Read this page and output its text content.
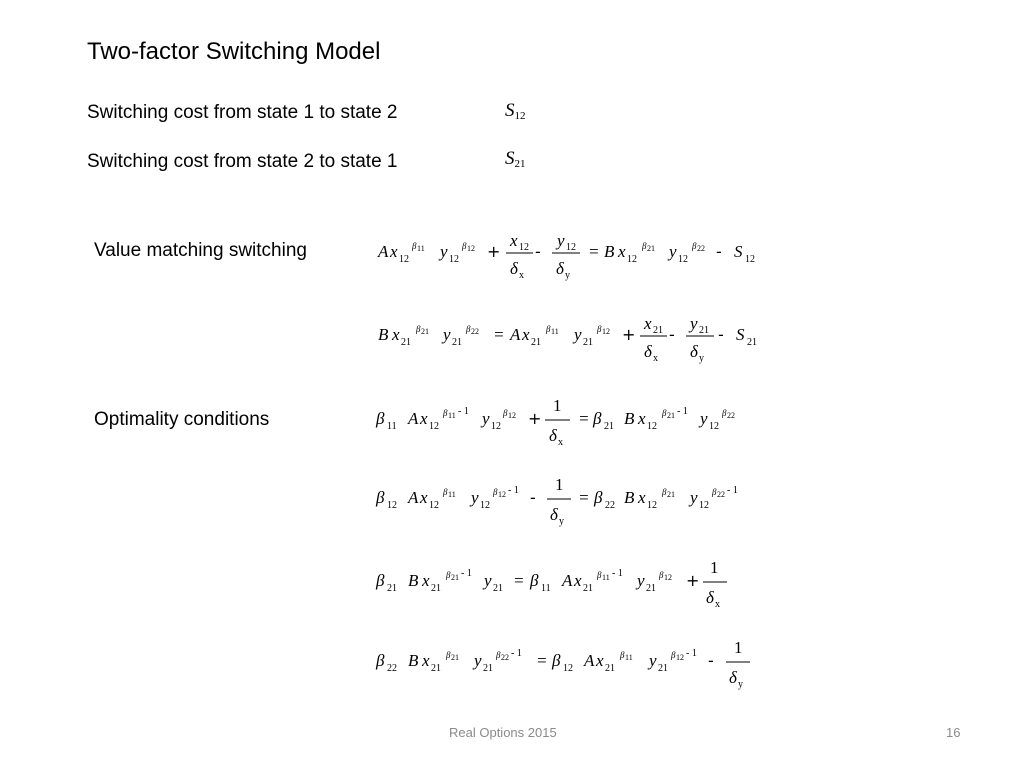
Two-factor Switching Model
Switching cost from state 1 to state 2	$S_{12}$
Switching cost from state 2 to state 1	$S_{21}$
Value matching switching
Optimality conditions
A x 12
β 11 y 12
β 12 +
x 12
δ x
-
y 12
δ y
= B x 12
β 21 y 12
β 22 - S 12
B x 21
β 21 y 21
β 22 = A x 21
β 11 y 21
β 12 +
x 21
δ x
-
y 21
δ y
- S 21
β 11 A x 12
β 11 - 1 y 12
β 12 +
1
δ x
= β 21 B x 12
β 21 - 1 y 12
β 22
β 12 A x 12
β 11 y 12
β 12 - 1 -
1
δ y
= β 22 B x 12
β 21 y 12
β 22 - 1
β 21 B x 21
β 21 - 1 y 21 = β 11 A x 21
β 11 - 1 y 21
β 12 +
1
δ x
β 22 B x 21
β 21 y 21
β 22 - 1 = β 12 A x 21
β 11 y 21
β 12 - 1 -
1
δ y
Real Options 2015	16
